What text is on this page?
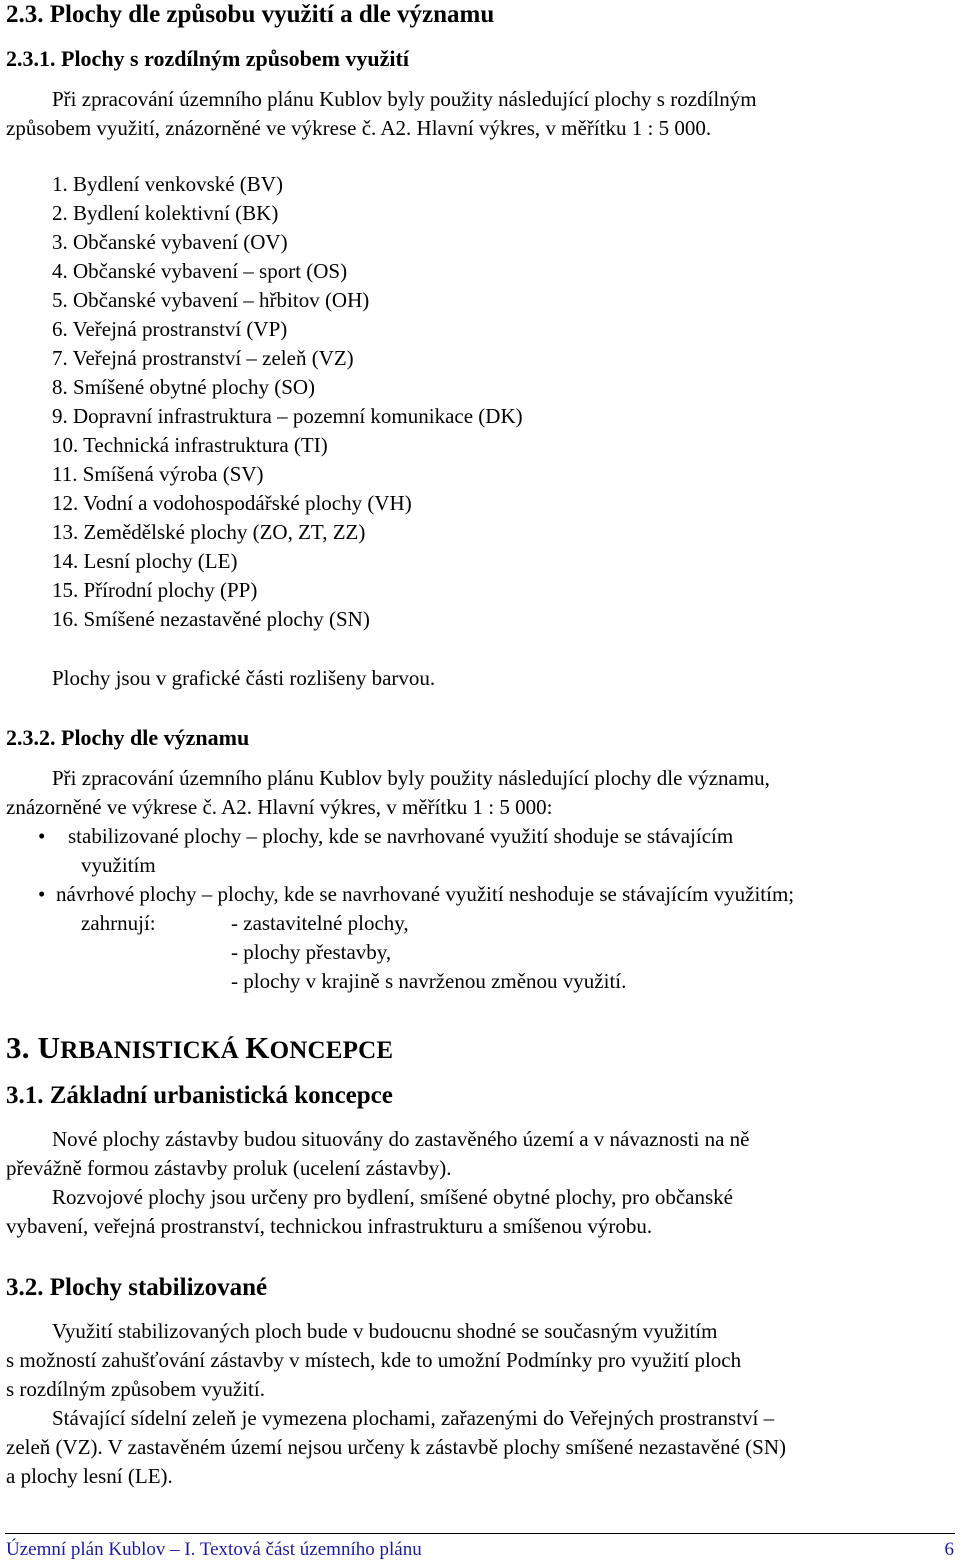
2.3. Plochy dle způsobu využití a dle významu
2.3.1. Plochy s rozdílným způsobem využití
Při zpracování územního plánu Kublov byly použity následující plochy s rozdílným
způsobem využití, znázorněné ve výkrese č. A2. Hlavní výkres, v měřítku 1 : 5 000.
1. Bydlení venkovské (BV)
2. Bydlení kolektivní (BK)
3. Občanské vybavení (OV)
4. Občanské vybavení – sport (OS)
5. Občanské vybavení – hřbitov (OH)
6. Veřejná prostranství (VP)
7. Veřejná prostranství – zeleň (VZ)
8. Smíšené obytné plochy (SO)
9. Dopravní infrastruktura – pozemní komunikace (DK)
10. Technická infrastruktura (TI)
11. Smíšená výroba (SV)
12. Vodní a vodohospodářské plochy (VH)
13. Zemědělské plochy (ZO, ZT, ZZ)
14. Lesní plochy (LE)
15. Přírodní plochy (PP)
16. Smíšené nezastavěné plochy (SN)
Plochy jsou v grafické části rozlišeny barvou.
2.3.2. Plochy dle významu
Při zpracování územního plánu Kublov byly použity následující plochy dle významu,
znázorněné ve výkrese č. A2. Hlavní výkres, v měřítku 1 : 5 000:
• stabilizované plochy – plochy, kde se navrhované využití shoduje se stávajícím
využitím
• návrhové plochy – plochy, kde se navrhované využití neshoduje se stávajícím využitím;
zahrnují:	- zastavitelné plochy,
- plochy přestavby,
- plochy v krajině s navrženou změnou využití.
3. URBANISTICKÁ KONCEPCE
3.1. Základní urbanistická koncepce
Nové plochy zástavby budou situovány do zastavěného území a v návaznosti na ně
převážně formou zástavby proluk (ucelení zástavby).
Rozvojové plochy jsou určeny pro bydlení, smíšené obytné plochy, pro občanské
vybavení, veřejná prostranství, technickou infrastrukturu a smíšenou výrobu.
3.2. Plochy stabilizované
Využití stabilizovaných ploch bude v budoucnu shodné se současným využitím
s možností zahušťování zástavby v místech, kde to umožní Podmínky pro využití ploch
s rozdílným způsobem využití.
Stávající sídelní zeleň je vymezena plochami, zařazenými do Veřejných prostranství –
zeleň (VZ). V zastavěném území nejsou určeny k zástavbě plochy smíšené nezastavěné (SN)
a plochy lesní (LE).
Územní plán Kublov – I. Textová část územního plánu	6
